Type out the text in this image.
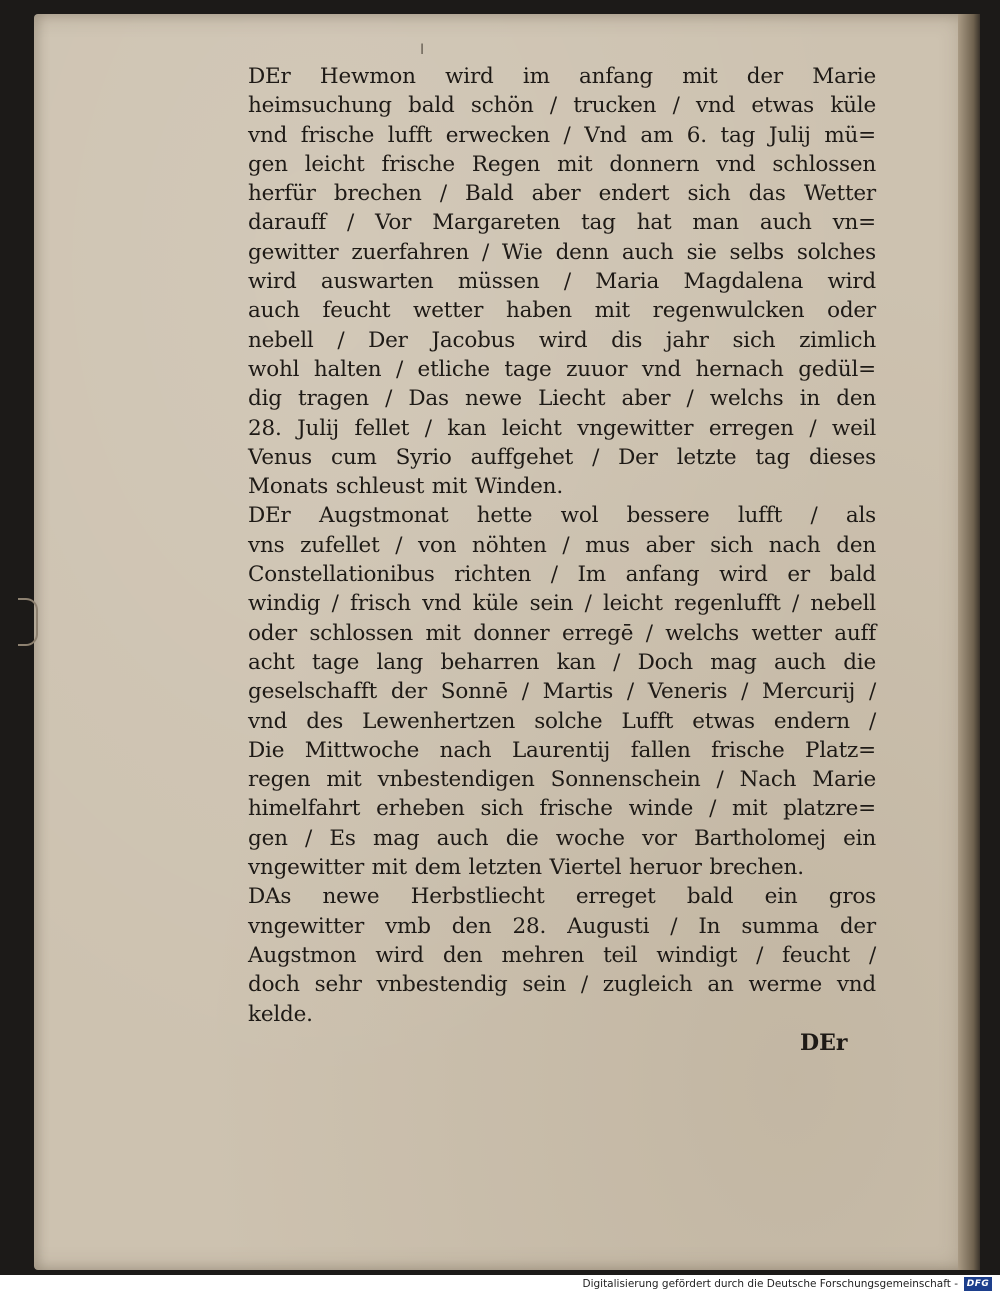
ǀ
DEr Hewmon wird im anfang mit der Marie
heimsuchung bald schön / trucken / vnd etwas küle
vnd frische lufft erwecken / Vnd am 6. tag Julij mü=
gen leicht frische Regen mit donnern vnd schlossen
herfür brechen / Bald aber endert sich das Wetter
darauff / Vor Margareten tag hat man auch vn=
gewitter zuerfahren / Wie denn auch sie selbs solches
wird auswarten müssen / Maria Magdalena wird
auch feucht wetter haben mit regenwulcken oder
nebell / Der Jacobus wird dis jahr sich zimlich
wohl halten / etliche tage zuuor vnd hernach gedül=
dig tragen / Das newe Liecht aber / welchs in den
28. Julij fellet / kan leicht vngewitter erregen / weil
Venus cum Syrio auffgehet / Der letzte tag dieses
Monats schleust mit Winden.
DEr Augstmonat hette wol bessere lufft / als
vns zufellet / von nöhten / mus aber sich nach den
Constellationibus richten / Im anfang wird er bald
windig / frisch vnd küle sein / leicht regenlufft / nebell
oder schlossen mit donner erregē / welchs wetter auff
acht tage lang beharren kan / Doch mag auch die
geselschafft der Sonnē / Martis / Veneris / Mercurij /
vnd des Lewenhertzen solche Lufft etwas endern /
Die Mittwoche nach Laurentij fallen frische Platz=
regen mit vnbestendigen Sonnenschein / Nach Marie
himelfahrt erheben sich frische winde / mit platzre=
gen / Es mag auch die woche vor Bartholomej ein
vngewitter mit dem letzten Viertel heruor brechen.
DAs newe Herbstliecht erreget bald ein gros
vngewitter vmb den 28. Augusti / In summa der
Augstmon wird den mehren teil windigt / feucht /
doch sehr vnbestendig sein / zugleich an werme vnd
kelde.
DEr
Digitalisierung gefördert durch die Deutsche Forschungsgemeinschaft - DFG
